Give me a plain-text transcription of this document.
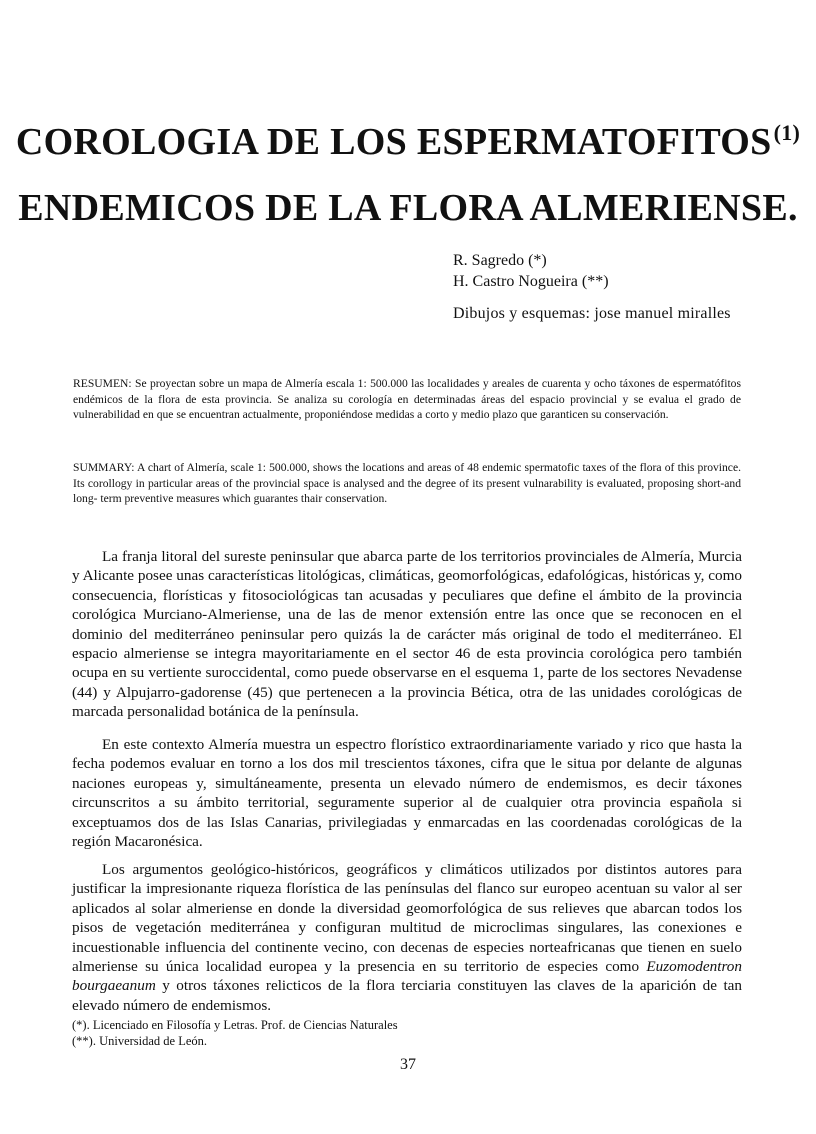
COROLOGIA DE LOS ESPERMATOFITOS$^{(1)}$
ENDEMICOS DE LA FLORA ALMERIENSE.
R. Sagredo (*)
H. Castro Nogueira (**)
Dibujos y esquemas: jose manuel miralles

RESUMEN: Se proyectan sobre un mapa de Almería escala 1: 500.000 las localidades y areales de cuarenta y ocho táxones de espermatófitos endémicos de la flora de esta provincia. Se analiza su corología en determinadas áreas del espacio provincial y se evalua el grado de vulnerabilidad en que se encuentran actualmente, proponiéndose medidas a corto y medio plazo que garanticen su conservación.

SUMMARY: A chart of Almería, scale 1: 500.000, shows the locations and areas of 48 endemic spermatofic taxes of the flora of this province. Its corollogy in particular areas of the provincial space is analysed and the degree of its present vulnarability is evaluated, proposing short-and long- term preventive measures which guarantes thair conservation.

La franja litoral del sureste peninsular que abarca parte de los territorios provinciales de Almería, Murcia y Alicante posee unas características litológicas, climáticas, geomorfológicas, edafológicas, históricas y, como consecuencia, florísticas y fitosociológicas tan acusadas y peculiares que define el ámbito de la provincia corológica Murciano-Almeriense, una de las de menor extensión entre las once que se reconocen en el dominio del mediterráneo peninsular pero quizás la de carácter más original de todo el mediterráneo. El espacio almeriense se integra mayoritariamente en el sector 46 de esta provincia corológica pero también ocupa en su vertiente suroccidental, como puede observarse en el esquema 1, parte de los sectores Nevadense (44) y Alpujarro-gadorense (45) que pertenecen a la provincia Bética, otra de las unidades corológicas de marcada personalidad botánica de la península.

En este contexto Almería muestra un espectro florístico extraordinariamente variado y rico que hasta la fecha podemos evaluar en torno a los dos mil trescientos táxones, cifra que le situa por delante de algunas naciones europeas y, simultáneamente, presenta un elevado número de endemismos, es decir táxones circunscritos a su ámbito territorial, seguramente superior al de cualquier otra provincia española si exceptuamos dos de las Islas Canarias, privilegiadas y enmarcadas en las coordenadas corológicas de la región Macaronésica.

Los argumentos geológico-históricos, geográficos y climáticos utilizados por distintos autores para justificar la impresionante riqueza florística de las penínsulas del flanco sur europeo acentuan su valor al ser aplicados al solar almeriense en donde la diversidad geomorfológica de sus relieves que abarcan todos los pisos de vegetación mediterránea y configuran multitud de microclimas singulares, las conexiones e incuestionable influencia del continente vecino, con decenas de especies norteafricanas que tienen en suelo almeriense su única localidad europea y la presencia en su territorio de especies como Euzomodentron bourgaeanum y otros táxones relicticos de la flora terciaria constituyen las claves de la aparición de tan elevado número de endemismos.

(*). Licenciado en Filosofía y Letras. Prof. de Ciencias Naturales
(**). Universidad de León.
37
